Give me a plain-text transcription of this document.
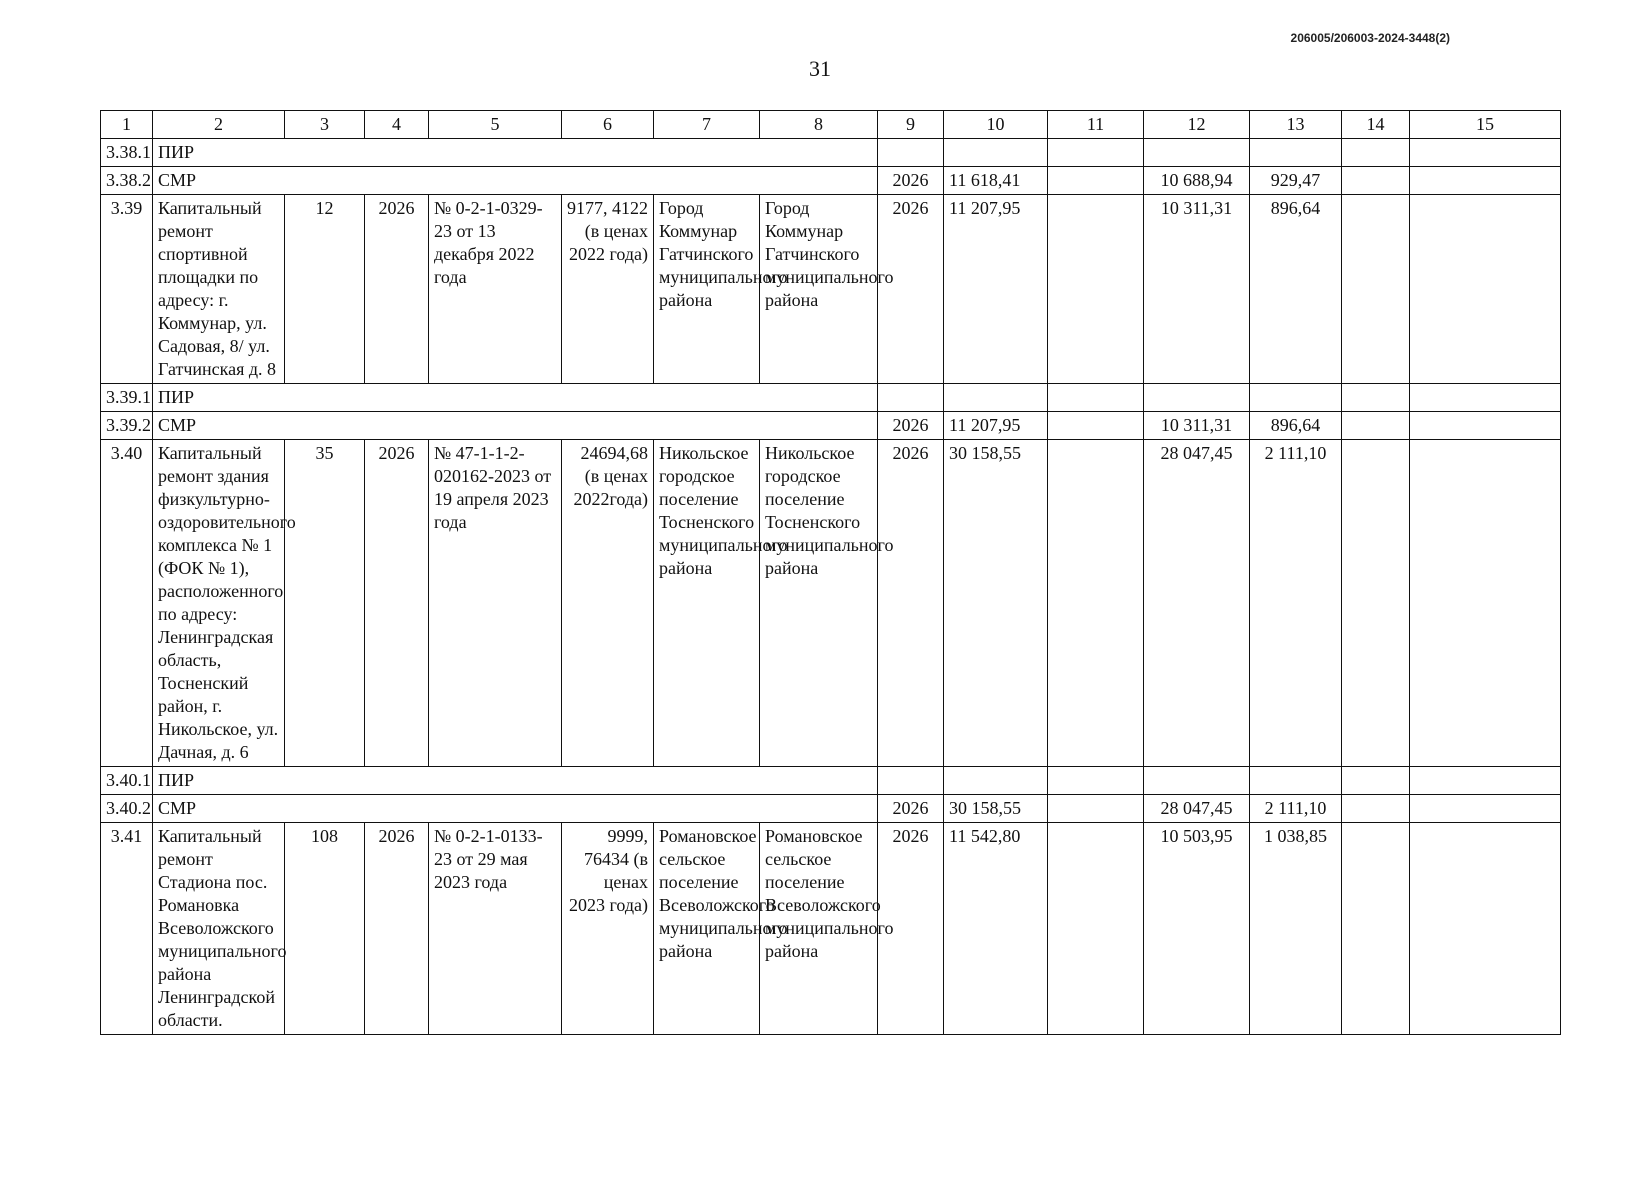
206005/206003-2024-3448(2)
31
1	2	3	4	5	6	7	8	9	10	11	12	13	14	15
3.38.1	ПИР													
3.38.2	СМР							2026	11 618,41		10 688,94	929,47		
3.39	Капитальный ремонт спортивной площадки по адресу: г. Коммунар, ул. Садовая, 8/ ул. Гатчинская д. 8	12	2026	№ 0-2-1-0329-23 от 13 декабря 2022 года	9177, 4122 (в ценах 2022 года)	Город Коммунар Гатчинского муниципального района	Город Коммунар Гатчинского муниципального района	2026	11 207,95		10 311,31	896,64		
3.39.1	ПИР													
3.39.2	СМР							2026	11 207,95		10 311,31	896,64		
3.40	Капитальный ремонт здания физкультурно-оздоровительного комплекса № 1 (ФОК № 1), расположенного по адресу: Ленинградская область, Тосненский район, г. Никольское, ул. Дачная, д. 6	35	2026	№ 47-1-1-2-020162-2023 от 19 апреля 2023 года	24694,68 (в ценах 2022года)	Никольское городское поселение Тосненского муниципального района	Никольское городское поселение Тосненского муниципального района	2026	30 158,55		28 047,45	2 111,10		
3.40.1	ПИР													
3.40.2	СМР							2026	30 158,55		28 047,45	2 111,10		
3.41	Капитальный ремонт Стадиона пос. Романовка Всеволожского муниципального района Ленинградской области.	108	2026	№ 0-2-1-0133-23 от 29 мая 2023 года	9999, 76434 (в ценах 2023 года)	Романовское сельское поселение Всеволожского муниципального района	Романовское сельское поселение Всеволожского муниципального района	2026	11 542,80		10 503,95	1 038,85		
